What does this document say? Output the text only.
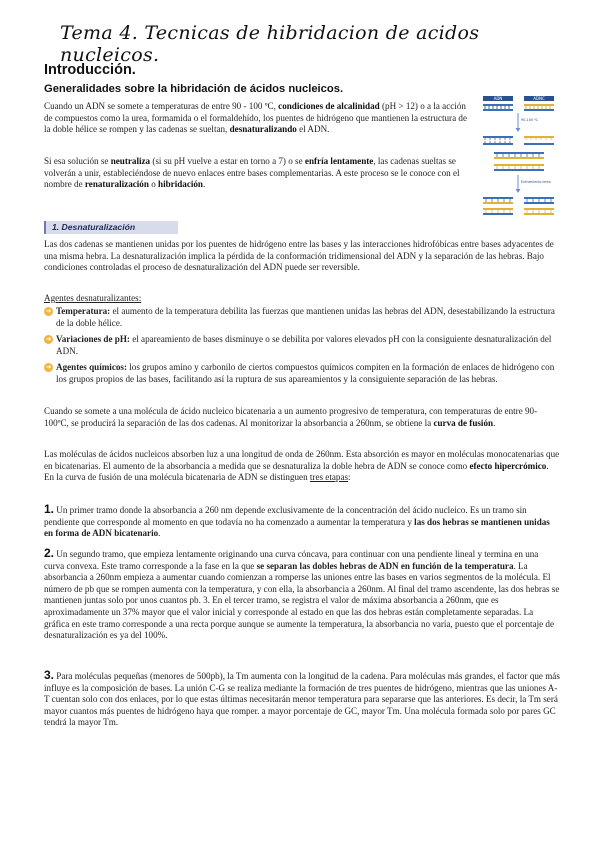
Tema 4. Tecnicas de hibridacion de acidos nucleicos.
Introducción.
Generalidades sobre la hibridación de ácidos nucleicos.
Cuando un ADN se somete a temperaturas de entre 90 - 100 ºC, condiciones de alcalinidad (pH > 12) o a la acción de compuestos como la urea, formamida o el formaldehído, los puentes de hidrógeno que mantienen la estructura de la doble hélice se rompen y las cadenas se sueltan, desnaturalizando el ADN.
Si esa solución se neutraliza (si su pH vuelve a estar en torno a 7) o se enfría lentamente, las cadenas sueltas se volverán a unir, estableciéndose de nuevo enlaces entre bases complementarias. A este proceso se le conoce con el nombre de renaturalización o hibridación.
ADN	ADNC
90-100 ºC
Enfriamiento lento
1. Desnaturalización
Las dos cadenas se mantienen unidas por los puentes de hidrógeno entre las bases y las interacciones hidrofóbicas entre bases adyacentes de una misma hebra. La desnaturalización implica la pérdida de la conformación tridimensional del ADN y la separación de las hebras. Bajo condiciones controladas el proceso de desnaturalización del ADN puede ser reversible.
Agentes desnaturalizantes:
➜ Temperatura: el aumento de la temperatura debilita las fuerzas que mantienen unidas las hebras del ADN, desestabilizando la estructura de la doble hélice.
➜ Variaciones de pH: el apareamiento de bases disminuye o se debilita por valores elevados pH con la consiguiente desnaturalización del ADN.
➜ Agentes químicos: los grupos amino y carbonilo de ciertos compuestos químicos compiten en la formación de enlaces de hidrógeno con los grupos propios de las bases, facilitando así la ruptura de sus apareamientos y la consiguiente separación de las hebras.
Cuando se somete a una molécula de ácido nucleico bicatenaria a un aumento progresivo de temperatura, con temperaturas de entre 90-100ºC, se producirá la separación de las dos cadenas. Al monitorizar la absorbancia a 260nm, se obtiene la curva de fusión.
Las moléculas de ácidos nucleicos absorben luz a una longitud de onda de 260nm. Esta absorción es mayor en moléculas monocatenarias que en bicatenarias. El aumento de la absorbancia a medida que se desnaturaliza la doble hebra de ADN se conoce como efecto hipercrómico. En la curva de fusión de una molécula bicatenaria de ADN se distinguen tres etapas:
1. Un primer tramo donde la absorbancia a 260 nm depende exclusivamente de la concentración del ácido nucleico. Es un tramo sin pendiente que corresponde al momento en que todavía no ha comenzado a aumentar la temperatura y las dos hebras se mantienen unidas en forma de ADN bicatenario.
2. Un segundo tramo, que empieza lentamente originando una curva cóncava, para continuar con una pendiente lineal y termina en una curva convexa. Este tramo corresponde a la fase en la que se separan las dobles hebras de ADN en función de la temperatura. La absorbancia a 260nm empieza a aumentar cuando comienzan a romperse las uniones entre las bases en varios segmentos de la molécula. El número de pb que se rompen aumenta con la temperatura, y con ella, la absorbancia a 260nm. Al final del tramo ascendente, las dos hebras se mantienen juntas solo por unos cuantos pb. 3. En el tercer tramo, se registra el valor de máxima absorbancia a 260nm, que es aproximadamente un 37% mayor que el valor inicial y corresponde al estado en que las dos hebras están completamente separadas. La gráfica en este tramo corresponde a una recta porque aunque se aumente la temperatura, la absorbancia no varía, puesto que el porcentaje de desnaturalización es ya del 100%.
3. Para moléculas pequeñas (menores de 500pb), la Tm aumenta con la longitud de la cadena. Para moléculas más grandes, el factor que más influye es la composición de bases. La unión C-G se realiza mediante la formación de tres puentes de hidrógeno, mientras que las uniones A-T cuentan solo con dos enlaces, por lo que estas últimas necesitarán menor temperatura para separarse que las anteriores. Es decir, la Tm será mayor cuantos más puentes de hidrógeno haya que romper. a mayor porcentaje de GC, mayor Tm. Una molécula formada solo por pares GC tendrá la mayor Tm.
